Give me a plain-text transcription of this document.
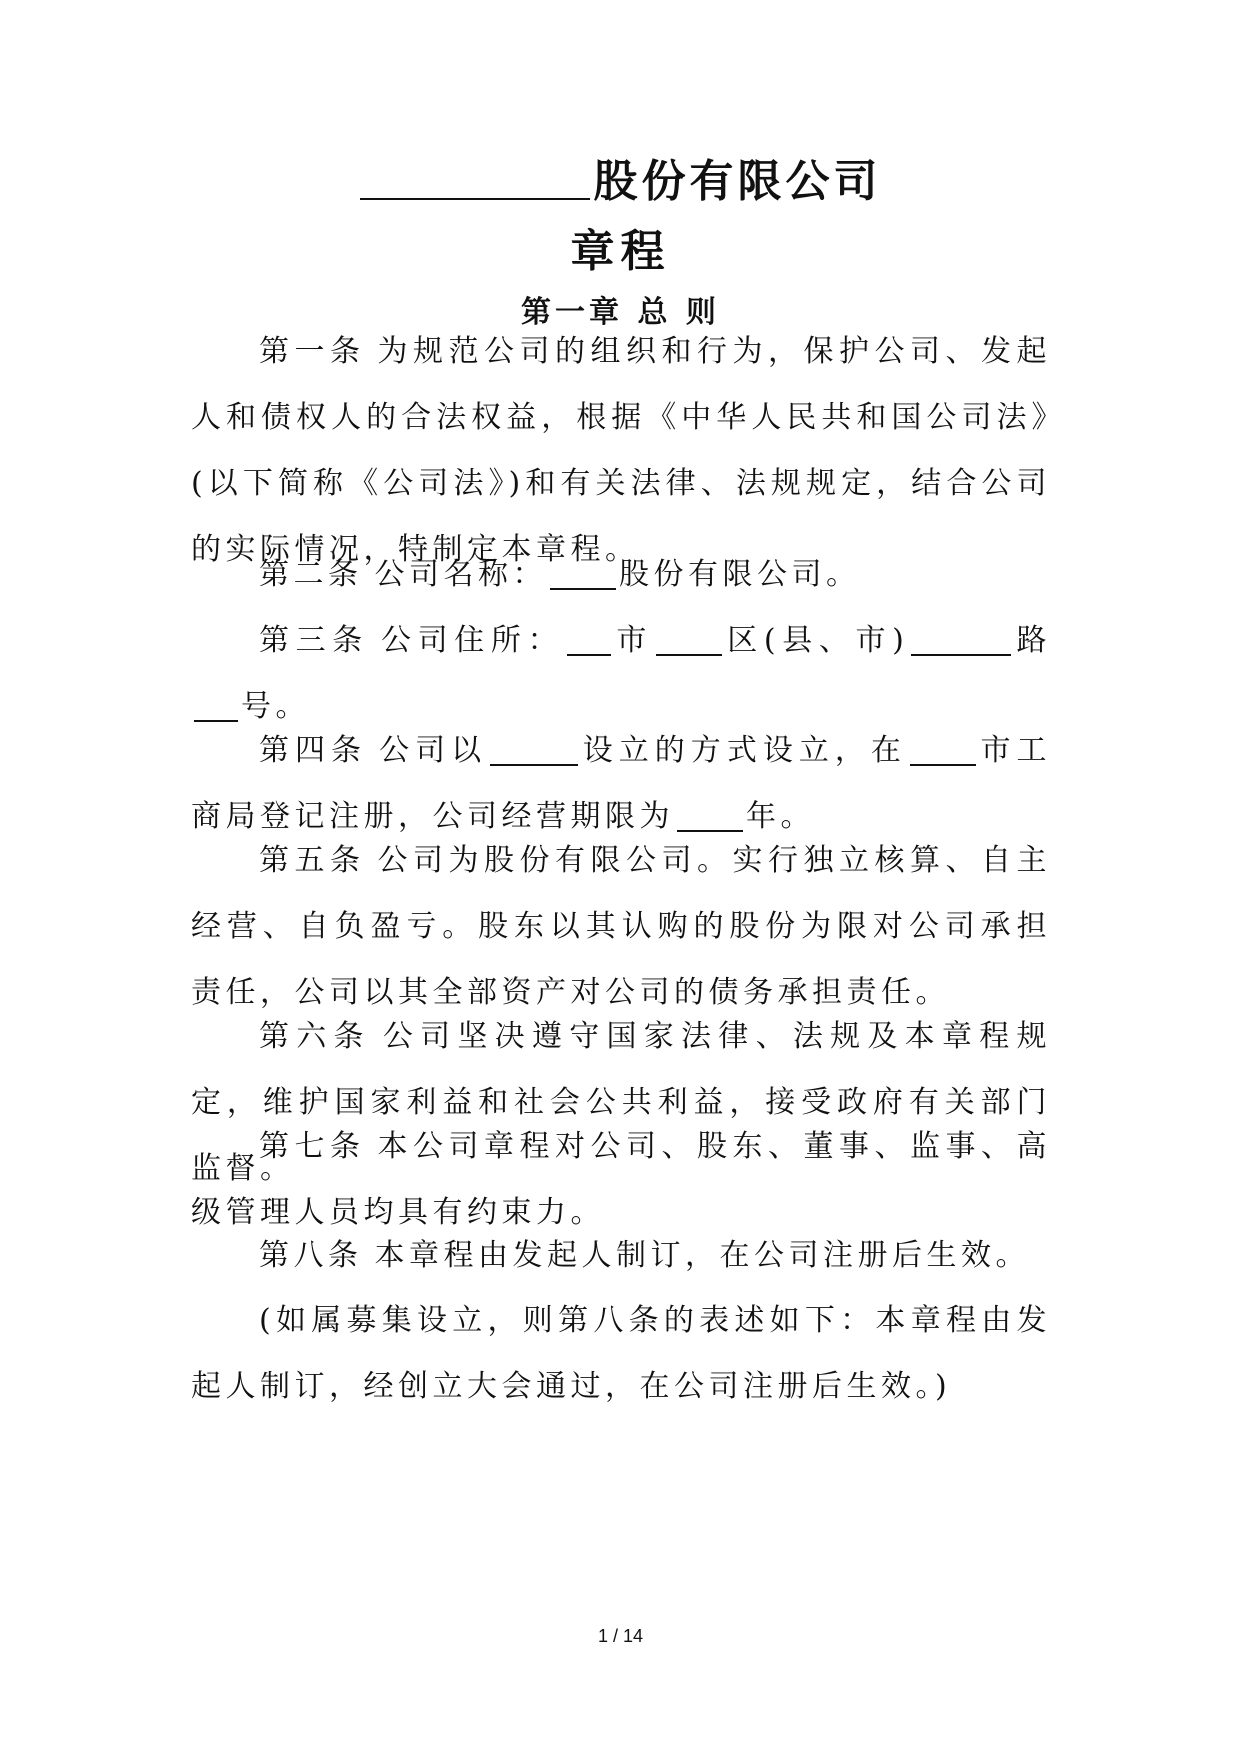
股份有限公司
章程
第一章 总 则
第一条 为规范公司的组织和行为，保护公司、发起人和债权人的合法权益，根据《中华人民共和国公司法》(以下简称《公司法》)和有关法律、法规规定，结合公司的实际情况，特制定本章程。
第二条 公司名称： 股份有限公司。
第三条 公司住所： 市 区(县、市)	路号。
第四条 公司以	设立的方式设立，在 市工商局登记注册，公司经营期限为 年。
第五条 公司为股份有限公司。实行独立核算、自主经营、自负盈亏。股东以其认购的股份为限对公司承担责任，公司以其全部资产对公司的债务承担责任。
第六条 公司坚决遵守国家法律、法规及本章程规定，维护国家利益和社会公共利益，接受政府有关部门监督。
第七条 本公司章程对公司、股东、董事、监事、高级管理人员均具有约束力。
第八条 本章程由发起人制订，在公司注册后生效。
(如属募集设立，则第八条的表述如下：本章程由发起人制订，经创立大会通过，在公司注册后生效。)
1 / 14
